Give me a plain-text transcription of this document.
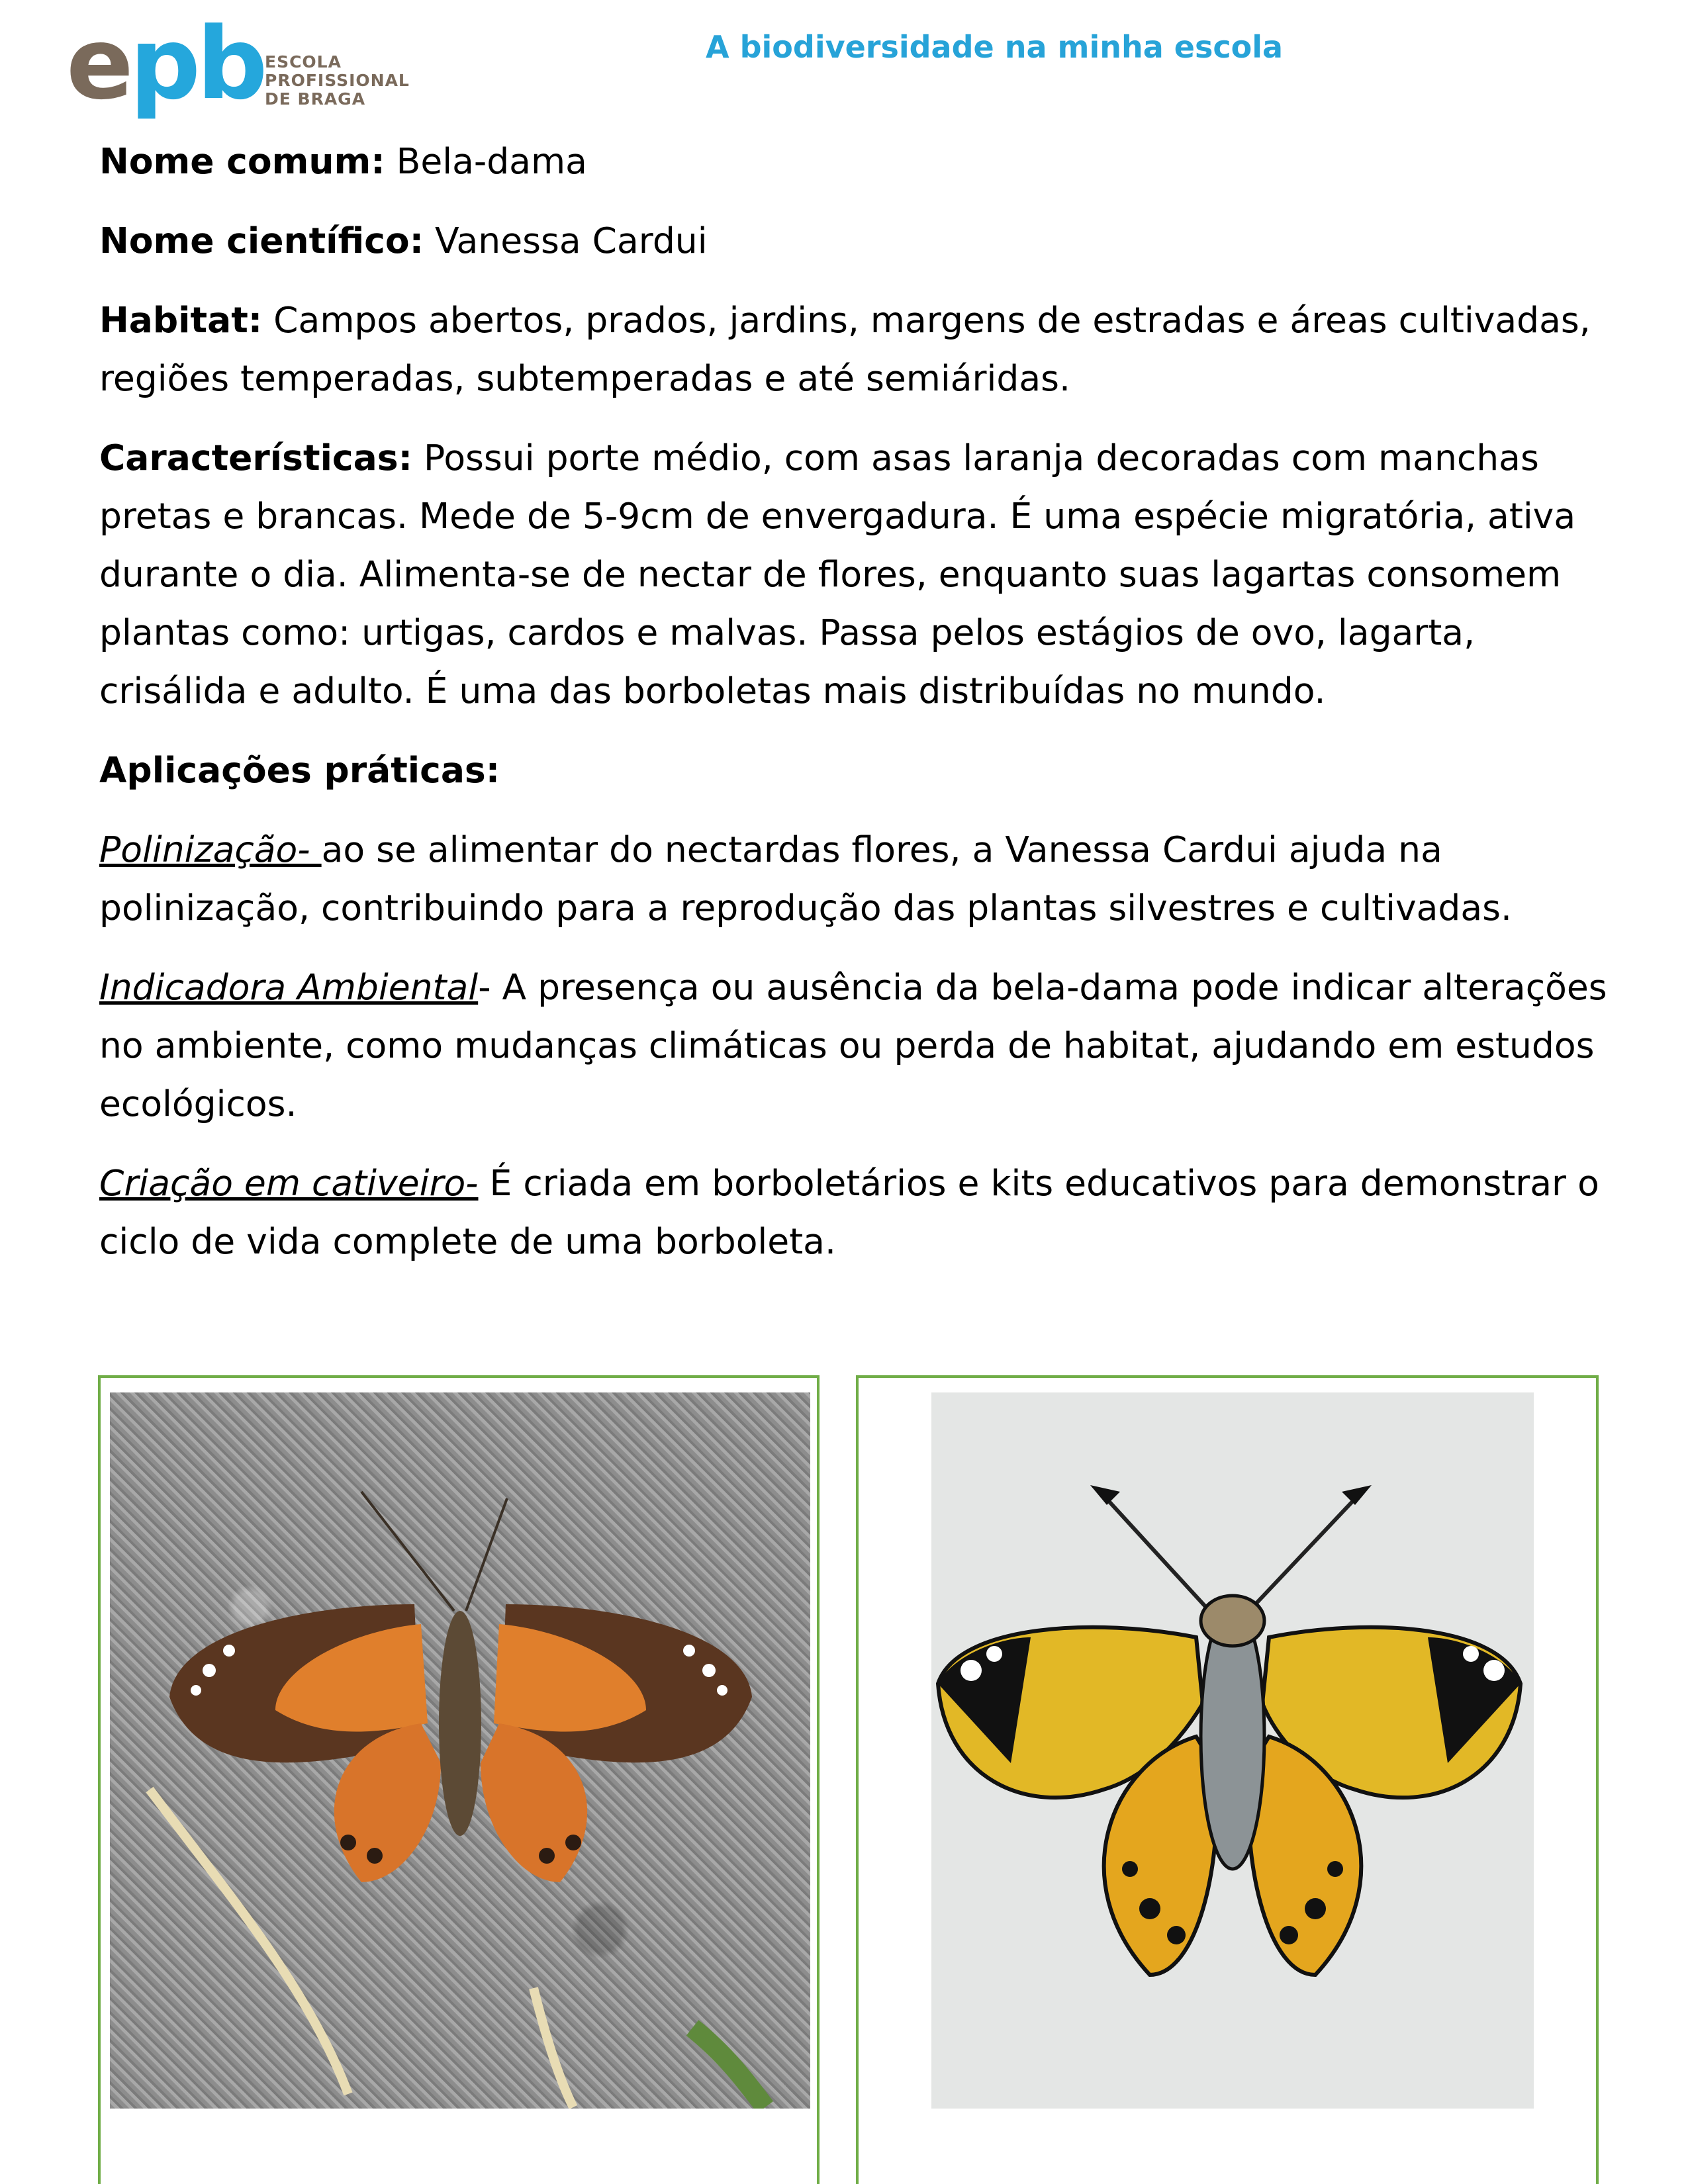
epb ESCOLA PROFISSIONAL
DE BRAGA
A biodiversidade na minha escola

Nome comum: Bela-dama

Nome científico: Vanessa Cardui

Habitat: Campos abertos, prados, jardins, margens de estradas e áreas cultivadas, regiões temperadas, subtemperadas e até semiáridas.

Características: Possui porte médio, com asas laranja decoradas com manchas pretas e brancas. Mede de 5-9cm de envergadura. É uma espécie migratória, ativa durante o dia. Alimenta-se de nectar de flores, enquanto suas lagartas consomem plantas como: urtigas, cardos e malvas. Passa pelos estágios de ovo, lagarta, crisálida e adulto. É uma das borboletas mais distribuídas no mundo.

Aplicações práticas:

Polinização- ao se alimentar do nectardas flores, a Vanessa Cardui ajuda na polinização, contribuindo para a reprodução das plantas silvestres e cultivadas.

Indicadora Ambiental- A presença ou ausência da bela-dama pode indicar alterações no ambiente, como mudanças climáticas ou perda de habitat, ajudando em estudos ecológicos.

Criação em cativeiro- É criada em borboletários e kits educativos para demonstrar o ciclo de vida complete de uma borboleta.
